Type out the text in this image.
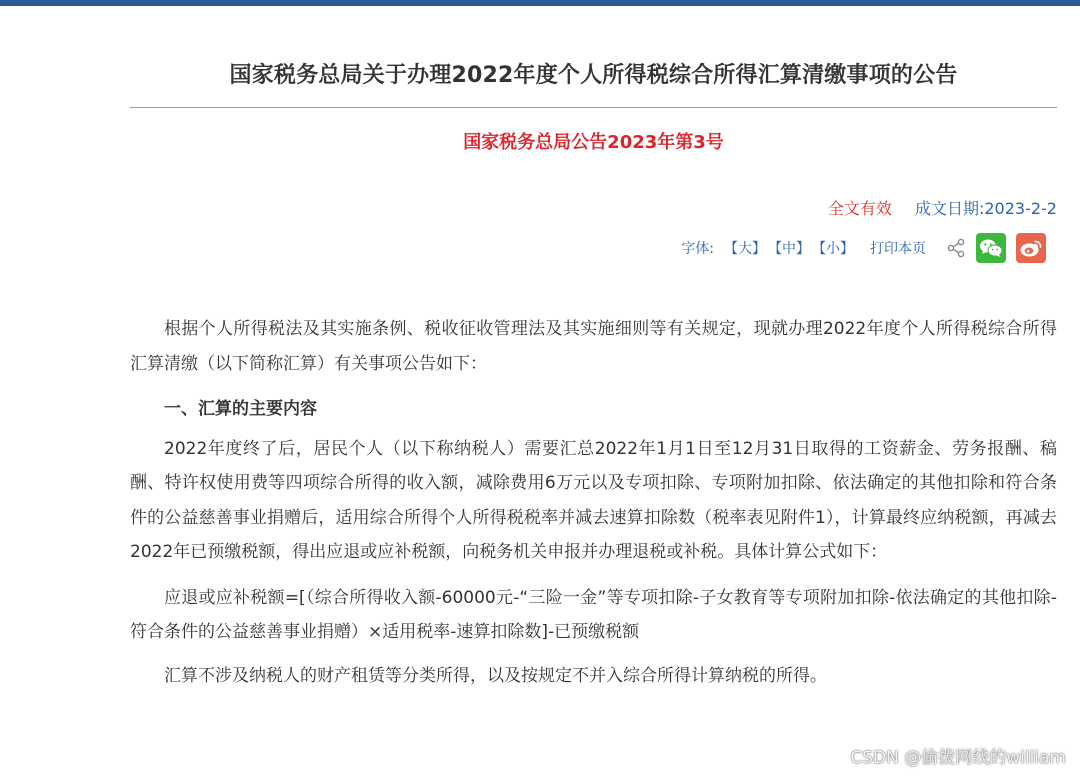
国家税务总局关于办理2022年度个人所得税综合所得汇算清缴事项的公告
国家税务总局公告2023年第3号
全文有效 成文日期:2023-2-2
字体: 【大】 【中】 【小】 打印本页

根据个人所得税法及其实施条例、税收征收管理法及其实施细则等有关规定，现就办理2022年度个人所得税综合所得汇算清缴（以下简称汇算）有关事项公告如下：

一、汇算的主要内容

2022年度终了后，居民个人（以下称纳税人）需要汇总2022年1月1日至12月31日取得的工资薪金、劳务报酬、稿酬、特许权使用费等四项综合所得的收入额，减除费用6万元以及专项扣除、专项附加扣除、依法确定的其他扣除和符合条件的公益慈善事业捐赠后，适用综合所得个人所得税税率并减去速算扣除数（税率表见附件1），计算最终应纳税额，再减去2022年已预缴税额，得出应退或应补税额，向税务机关申报并办理退税或补税。具体计算公式如下：

应退或应补税额=[（综合所得收入额-60000元-“三险一金”等专项扣除-子女教育等专项附加扣除-依法确定的其他扣除-符合条件的公益慈善事业捐赠）×适用税率-速算扣除数]-已预缴税额

汇算不涉及纳税人的财产租赁等分类所得，以及按规定不并入综合所得计算纳税的所得。

CSDN @偷拨网线的william
